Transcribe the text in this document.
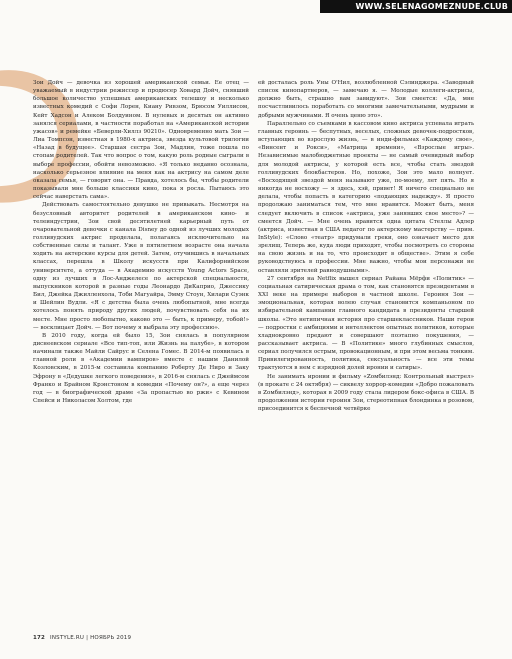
WWW.SELENAGOMEZNUDE.CLUB

Зои Дойч — девочка из хорошей американской семьи. Ее отец — уважаемый в индустрии режиссер и продюсер Ховард Дойч, снявший большое количество успешных американских телешоу и несколько известных комедий с Софи Лорен, Киану Ривзом, Брюсом Уиллисом, Кейт Хадсон и Алеком Болдуином. В нулевых и десятых он активно занялся сериалами, в частности поработал на «Американской истории ужасов» и ремейке «Беверли-Хиллз 90210». Одновременно мать Зои — Лиа Томпсон, известная в 1980-х актриса, звезда культовой трилогии «Назад в будущее». Старшая сестра Зои, Мадлин, тоже пошла по стопам родителей. Так что вопрос о том, какую роль родные сыграли в выборе профессии, обойти невозможно. «Я только недавно осознала, насколько серьезное влияние на меня как на актрису на самом деле оказала семья, — говорит она. — Правда, хотелось бы, чтобы родители показывали мне больше классики кино, пока я росла. Пытаюсь это сейчас наверстать сама».

Действовать самостоятельно девушке не привыкать. Несмотря на безусловный авторитет родителей в американском кино- и телеиндустрии, Зои свой десятилетней карьерный путь от очаровательной девочки с канала Disney до одной из лучших молодых голливудских актрис проделала, полагаясь исключительно на собственные силы и талант. Уже в пятилетнем возрасте она начала ходить на актерские курсы для детей. Затем, отучившись в начальных классах, перешла в Школу искусств при Калифорнийском университете, а оттуда — в Академию искусств Young Actors Space, одну из лучших в Лос-Анджелесе по актерской специальности, выпускников которой в разные годы Леонардо ДиКаприо, Джессику Бил, Джейка Джилленхола, Тоби Магуайра, Эмму Стоун, Хилари Суэнк и Шейлин Вудли. «Я с детства была очень любопытной, мне всегда хотелось понять природу других людей, почувствовать себя на их месте. Мне просто любопытно, каково это — быть, к примеру, тобой!» — восклицает Дойч. — Вот почему я выбрала эту профессию».

В 2010 году, когда ей было 15, Зои снялась в популярном диснеевском сериале «Все тип-топ, или Жизнь на палубе», в котором начинали также Майли Сайрус и Селена Гомес. В 2014-м появилась в главной роли в «Академии вампиров» вместе с нашим Данилой Козловским, в 2015-м составила компанию Роберту Де Ниро и Заку Эфрону в «Дедушке легкого поведения», в 2016-м снялась с Джеймсом Франко и Брайном Крэнстоном в комедии «Почему он?», а еще через год — в биографической драме «За пропастью во ржи» с Кевином Спейси и Николасом Холтом, где

ей досталась роль Уны О'Нил, возлюбленной Сэлинджера. «Заводный список кинопартнеров, — замечаю я. — Молодые коллеги-актрисы, должно быть, страшно вам завидуют». Зои смеется: «Да, мне посчастливилось поработать со многими замечательными, мудрыми и добрыми мужчинами. Я очень ценю это».

Параллельно со съемками в кассовом кино актриса успевала играть главных героинь — беспутных, веселых, сложных девочек-подростков, вступающих во взрослую жизнь, — в инди-фильмах «Каждому свое», «Винсент и Рокси», «Матрица времени», «Взрослые игры». Независимые малобюджетные проекты — не самый очевидный выбор для молодой актрисы, у которой есть все, чтобы стать звездой голливудских блокбастеров. Но, похоже, Зои это мало волнует. «Восходящей звездой меня называют уже, по-моему, лет пять. Но я никогда не восхожу — я здесь, хэй, привет! Я ничего специально не делала, чтобы попасть в категорию «подающих надежду». Я просто продолжаю заниматься тем, что мне нравится. Может быть, меня следует включить в список «актриса, уже занявших свое место»? — смеется Дойч. — Мне очень нравится одна цитата Стеллы Адлер (актриса, известная в США педагог по актерскому мастерству — прим. InStyle): «Слово «театр» придумали греки, оно означает место для зрелищ. Теперь же, куда люди приходят, чтобы посмотреть со стороны на свою жизнь и на то, что происходит в обществе». Этим я себе руководствуюсь в профессии. Мне важно, чтобы мои персонажи не оставляли зрителей равнодушными».

27 сентября на Netflix вышел сериал Райана Мёрфи «Политик» — социальная сатирическая драма о том, как становятся президентами в XXI веке на примере выборов в частной школе. Героиня Зои — эмоциональная, которая волею случая становится компаньоном по избирательной кампании главного кандидата в президенты старшей школы. «Это нетипичная история про старшеклассников. Наши герои — подростки с амбициями и интеллектом опытных политиков, которые хладнокровно предают и совершают поэтапно покушения, — рассказывает актриса. — В «Политике» много глубинных смыслов, сериал получился острым, провокационным, и при этом весьма тонким. Привилегированность, политика, сексуальность — все эти темы трактуются в нем с изрядной долей иронии и сатиры».

Не занимать иронии и фильму «Zомбилэнд: Контрольный выстрел» (в прокате с 24 октября) — сиквелу хоррор-комедии «Добро пожаловать в Zомбилэнд», которая в 2009 году стала лидером бокс-офиса в США. В продолжении истории героиня Зои, стереотипная блондинка в розовом, присоединится к беспечной четвёрке

172 INSTYLE.RU | НОЯБРЬ 2019
